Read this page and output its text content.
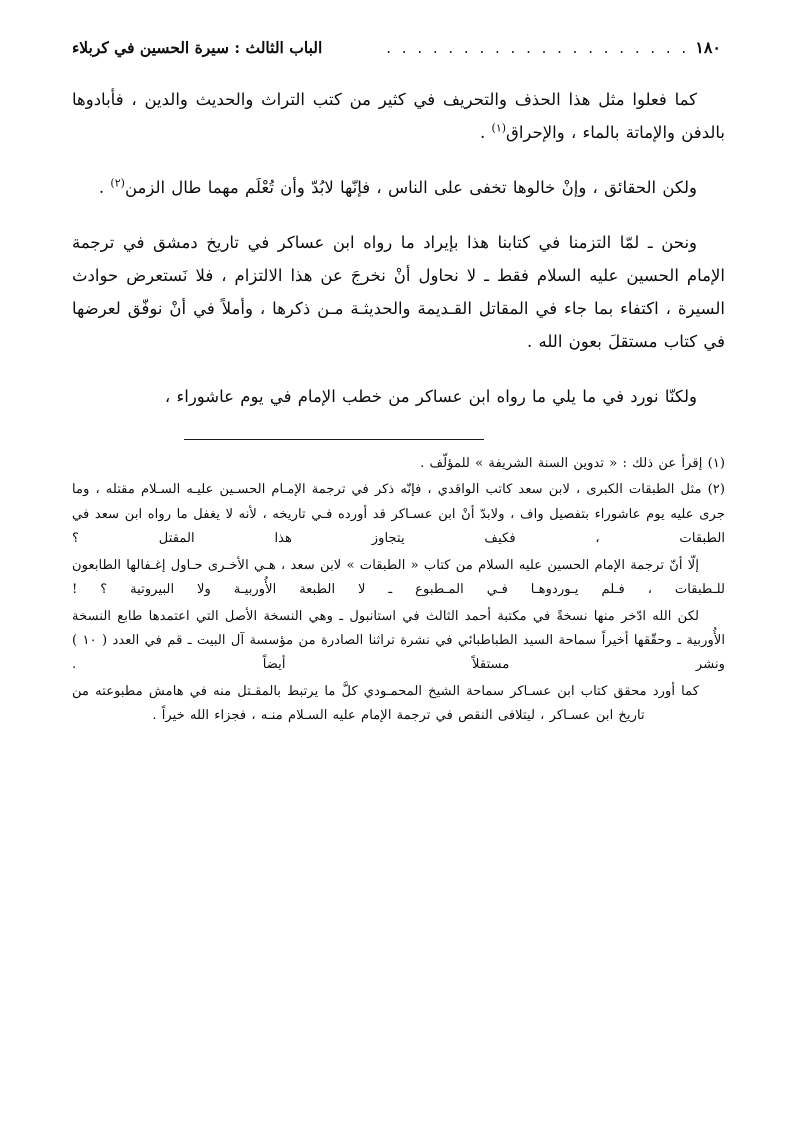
١٨٠
. . . . . . . . . . . . . . . . . . . .
الباب الثالث : سيرة الحسين في كربلاء

كما فعلوا مثل هذا الحذف والتحريف في كثير من كتب التراث والحديث والدين ، فأبادوها بالدفن والإماتة بالماء ، والإحراق$^{(١)}$ .

ولكن الحقائق ، وإنْ خالوها تخفى على الناس ، فإنّها لابُدّ وأن تُعْلَم مهما طال الزمن$^{(٢)}$ .

ونحن ـ لمّا التزمنا في كتابنا هذا بإيراد ما رواه ابن عساكر في تاريخ دمشق في ترجمة الإمام الحسين عليه السلام فقط ـ لا نحاول أنْ نخرجَ عن هذا الالتزام ، فلا نَستعرض حوادث السيرة ، اكتفاء بما جاء في المقاتل القـديمة والحديثـة مـن ذكرها ، وأملاً في أنْ نوفّق لعرضها في كتاب مستقلَ بعون الله .

ولكنّا نورد في ما يلي ما رواه ابن عساكر من خطب الإمام في يوم عاشوراء ،

(١) إقرأ عن ذلك : « تدوين السنة الشريفة » للمؤلّف .
(٢) مثل الطبقات الكبرى ، لابن سعد كاتب الواقدي ، فإنّه ذكر في ترجمة الإمـام الحسـين عليـه السـلام مقتله ، وما جرى عليه يوم عاشوراء بتفصيل واف ، ولابدّ أنْ ابن عسـاكر قد أورده فـي تاريخه ، لأنه لا يغفل ما رواه ابن سعد في الطبقات ، فكيف يتجاوز هذا المقتل ؟
إلّا أنّ ترجمة الإمام الحسين عليه السلام من كتاب « الطبقات » لابن سعد ، هـي الأخـرى حـاول إغـفالها الطابعون للـطبقات ، فـلم يـوردوهـا فـي المـطبوع ـ لا الطبعة الأُوربيـة ولا البيروتية ؟ !
لكن الله ادّخر منها نسخةً في مكتبة أحمد الثالث في استانبول ـ وهي النسخة الأصل التي اعتمدها طابع النسخة الأُوربية ـ وحقّقها أخيراً سماحة السيد الطباطبائي في نشرة تراثنا الصادرة من مؤسسة آل البيت ـ قم في العدد ( ١٠ ) ونشر مستقلاً أيضاً .
كما أورد محقق كتاب ابن عسـاكر سماحة الشيخ المحمـودي كلَّ ما يرتبط بالمقـتل منه في هامش مطبوعته من تاريخ ابن عسـاكر ، ليتلافى النقص في ترجمة الإمام عليه السـلام منـه ، فجزاء الله خيراً .
